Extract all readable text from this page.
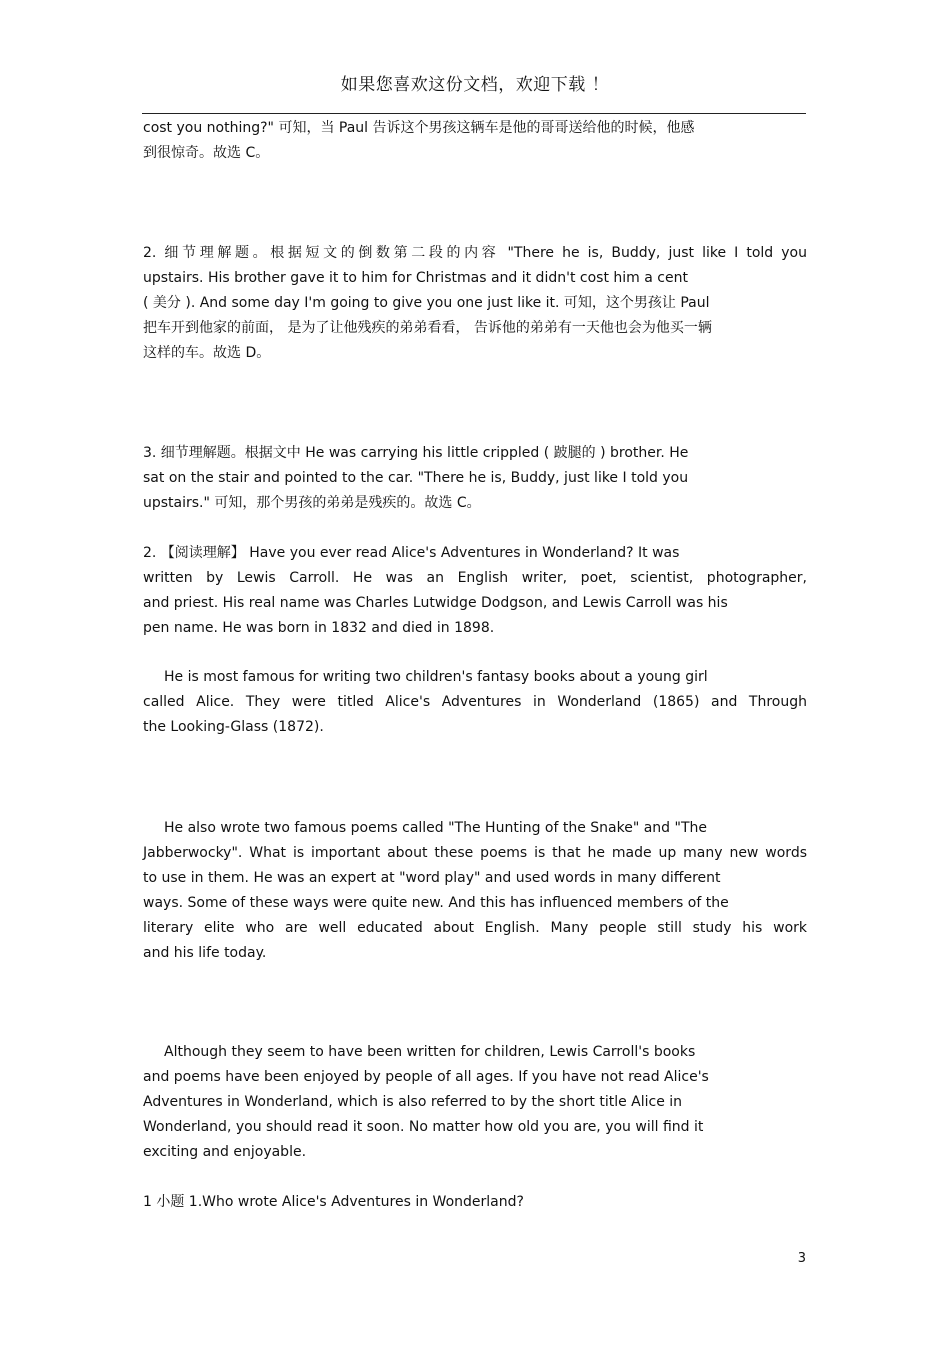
如果您喜欢这份文档，欢迎下载 ！
cost you nothing?" 可知，当 Paul 告诉这个男孩这辆车是他的哥哥送给他的时候，他感
到很惊奇。故选 C。
2. 细节理解题。根据短文的倒数第二段的内容 "There he is, Buddy, just like I told you
upstairs. His brother gave it to him for Christmas and it didn't cost him a cent
( 美分 ). And some day I'm going to give you one just like it. 可知，这个男孩让 Paul
把车开到他家的前面， 是为了让他残疾的弟弟看看， 告诉他的弟弟有一天他也会为他买一辆
这样的车。故选 D。
3. 细节理解题。根据文中 He was carrying his little crippled ( 跛腿的 ) brother. He
sat on the stair and pointed to the car. "There he is, Buddy, just like I told you
upstairs." 可知，那个男孩的弟弟是残疾的。故选 C。
2. 【阅读理解】 Have you ever read Alice's Adventures in Wonderland? It was
written by Lewis Carroll. He was an English writer, poet, scientist, photographer,
and priest. His real name was Charles Lutwidge Dodgson, and Lewis Carroll was his
pen name. He was born in 1832 and died in 1898.
He is most famous for writing two children's fantasy books about a young girl
called Alice. They were titled Alice's Adventures in Wonderland (1865) and Through
the Looking-Glass (1872).
He also wrote two famous poems called "The Hunting of the Snake" and "The
Jabberwocky". What is important about these poems is that he made up many new words
to use in them. He was an expert at "word play" and used words in many different
ways. Some of these ways were quite new. And this has influenced members of the
literary elite who are well educated about English. Many people still study his work
and his life today.
Although they seem to have been written for children, Lewis Carroll's books
and poems have been enjoyed by people of all ages. If you have not read Alice's
Adventures in Wonderland, which is also referred to by the short title Alice in
Wonderland, you should read it soon. No matter how old you are, you will find it
exciting and enjoyable.
1 小题 1.Who wrote Alice's Adventures in Wonderland?
3
